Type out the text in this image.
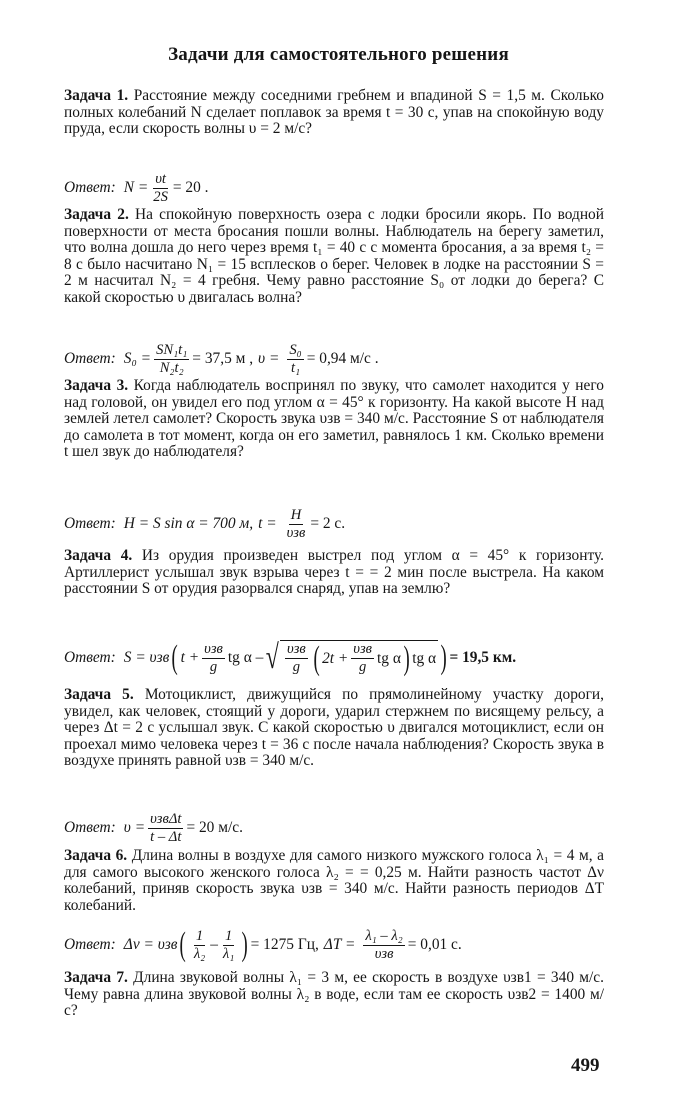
Задачи для самостоятельного решения

Задача 1. Расстояние между соседними гребнем и впадиной S = 1,5 м. Сколько полных колебаний N сделает поплавок за время t = 30 с, упав на спокойную воду пруда, если скорость волны υ = 2 м/с?

Ответ: $N = \frac{\upsilon t}{2S} = 20$ .

Задача 2. На спокойную поверхность озера с лодки бросили якорь. По водной поверхности от места бросания пошли волны. Наблюдатель на берегу заметил, что волна дошла до него через время t₁ = 40 с с момента бросания, а за время t₂ = 8 с было насчитано N₁ = 15 всплесков о берег. Человек в лодке на расстоянии S = 2 м насчитал N₂ = 4 гребня. Чему равно расстояние S₀ от лодки до берега? С какой скоростью υ двигалась волна?

Ответ: $S_0 = \frac{\text{SN₁t₁}}{\text{N₂t₂}} = 37,5$ м , $\upsilon = \frac{\text{S₀}}{\text{t₁}} = 0,94$ м/с .

Задача 3. Когда наблюдатель воспринял по звуку, что самолет находится у него над головой, он увидел его под углом α = 45° к горизонту. На какой высоте H над землей летел самолет? Скорость звука υзв = 340 м/с. Расстояние S от наблюдателя до самолета в тот момент, когда он его заметил, равнялось 1 км. Сколько времени t шел звук до наблюдателя?

Ответ: H = S sin α = 700 м, $t = \frac{H}{\text{υзв}} = 2$ с.

Задача 4. Из орудия произведен выстрел под углом α = 45° к горизонту. Артиллерист услышал звук взрыва через t = = 2 мин после выстрела. На каком расстоянии S от орудия разорвался снаряд, упав на землю?

Ответ: S = υзв ( $t + \frac{\text{υзв}}{g}$ tg α – √ $\frac{\text{υзв}}{g}$ ( $2t + \frac{\text{υзв}}{g}$ tg α ) tg α ) = 19,5 км.

Задача 5. Мотоциклист, движущийся по прямолинейному участку дороги, увидел, как человек, стоящий у дороги, ударил стержнем по висящему рельсу, а через Δt = 2 с услышал звук. С какой скоростью υ двигался мотоциклист, если он проехал мимо человека через t = 36 с после начала наблюдения? Скорость звука в воздухе принять равной υзв = 340 м/с.

Ответ: $\upsilon = \frac{\text{υзвΔt}}{t - \Delta t} = 20$ м/с.

Задача 6. Длина волны в воздухе для самого низкого мужского голоса λ₁ = 4 м, а для самого высокого женского голоса λ₂ = = 0,25 м. Найти разность частот Δν колебаний, приняв скорость звука υзв = 340 м/с. Найти разность периодов ΔT колебаний.

Ответ: Δν = υзв ( $\frac{1}{\text{λ₂}} - \frac{1}{\text{λ₁}}$ ) = 1275 Гц, $\Delta T = \frac{\text{λ₁ – λ₂}}{\text{υзв}} = 0,01$ с.

Задача 7. Длина звуковой волны λ₁ = 3 м, ее скорость в воздухе υзв1 = 340 м/с. Чему равна длина звуковой волны λ₂ в воде, если там ее скорость υзв2 = 1400 м/с?

499
